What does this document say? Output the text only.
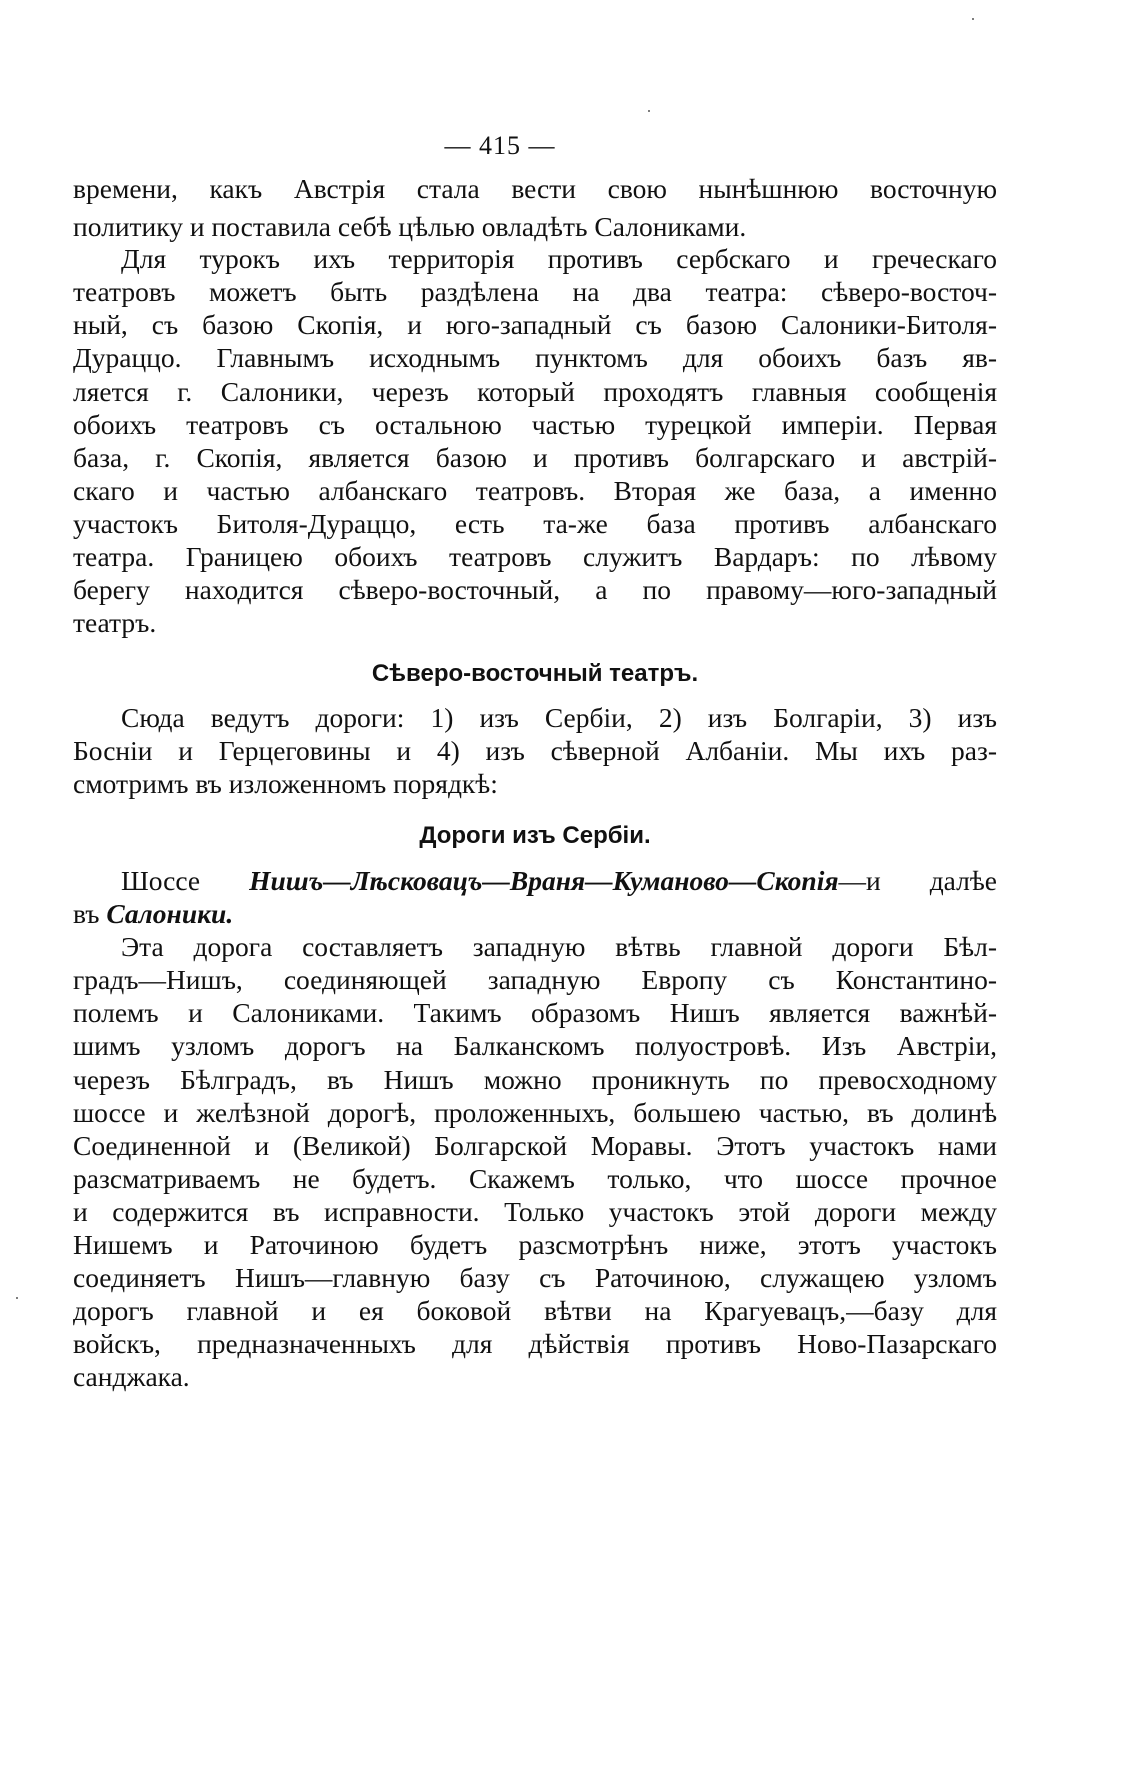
— 415 —
времени, какъ Австрія стала вести свою нынѣшнюю восточную
политику и поставила себѣ цѣлью овладѣть Салониками.
Для турокъ ихъ территорія противъ сербскаго и греческаго
театровъ можетъ быть раздѣлена на два театра: сѣверо-восточ-
ный, съ базою Скопія, и юго-западный съ базою Салоники-Битоля-
Дураццо. Главнымъ исходнымъ пунктомъ для обоихъ базъ яв-
ляется г. Салоники, черезъ который проходятъ главныя сообщенія
обоихъ театровъ съ остальною частью турецкой имперіи. Первая
база, г. Скопія, является базою и противъ болгарскаго и австрій-
скаго и частью албанскаго театровъ. Вторая же база, а именно
участокъ Битоля-Дураццо, есть та-же база противъ албанскаго
театра. Границею обоихъ театровъ служитъ Вардаръ: по лѣвому
берегу находится сѣверо-восточный, а по правому—юго-западный
театръ.
Сѣверо-восточный театръ.
Сюда ведутъ дороги: 1) изъ Сербіи, 2) изъ Болгаріи, 3) изъ
Босніи и Герцеговины и 4) изъ сѣверной Албаніи. Мы ихъ раз-
смотримъ въ изложенномъ порядкѣ:
Дороги изъ Сербіи.
Шоссе Нишъ—Лѣсковацъ—Враня—Куманово—Скопія—и далѣе
въ Салоники.
Эта дорога составляетъ западную вѣтвь главной дороги Бѣл-
градъ—Нишъ, соединяющей западную Европу съ Константино-
полемъ и Салониками. Такимъ образомъ Нишъ является важнѣй-
шимъ узломъ дорогъ на Балканскомъ полуостровѣ. Изъ Австріи,
черезъ Бѣлградъ, въ Нишъ можно проникнуть по превосходному
шоссе и желѣзной дорогѣ, проложенныхъ, большею частью, въ долинѣ
Соединенной и (Великой) Болгарской Моравы. Этотъ участокъ нами
разсматриваемъ не будетъ. Скажемъ только, что шоссе прочное
и содержится въ исправности. Только участокъ этой дороги между
Нишемъ и Раточиною будетъ разсмотрѣнъ ниже, этотъ участокъ
соединяетъ Нишъ—главную базу съ Раточиною, служащею узломъ
дорогъ главной и ея боковой вѣтви на Крагуевацъ,—базу для
войскъ, предназначенныхъ для дѣйствія противъ Ново-Пазарскаго
санджака.
